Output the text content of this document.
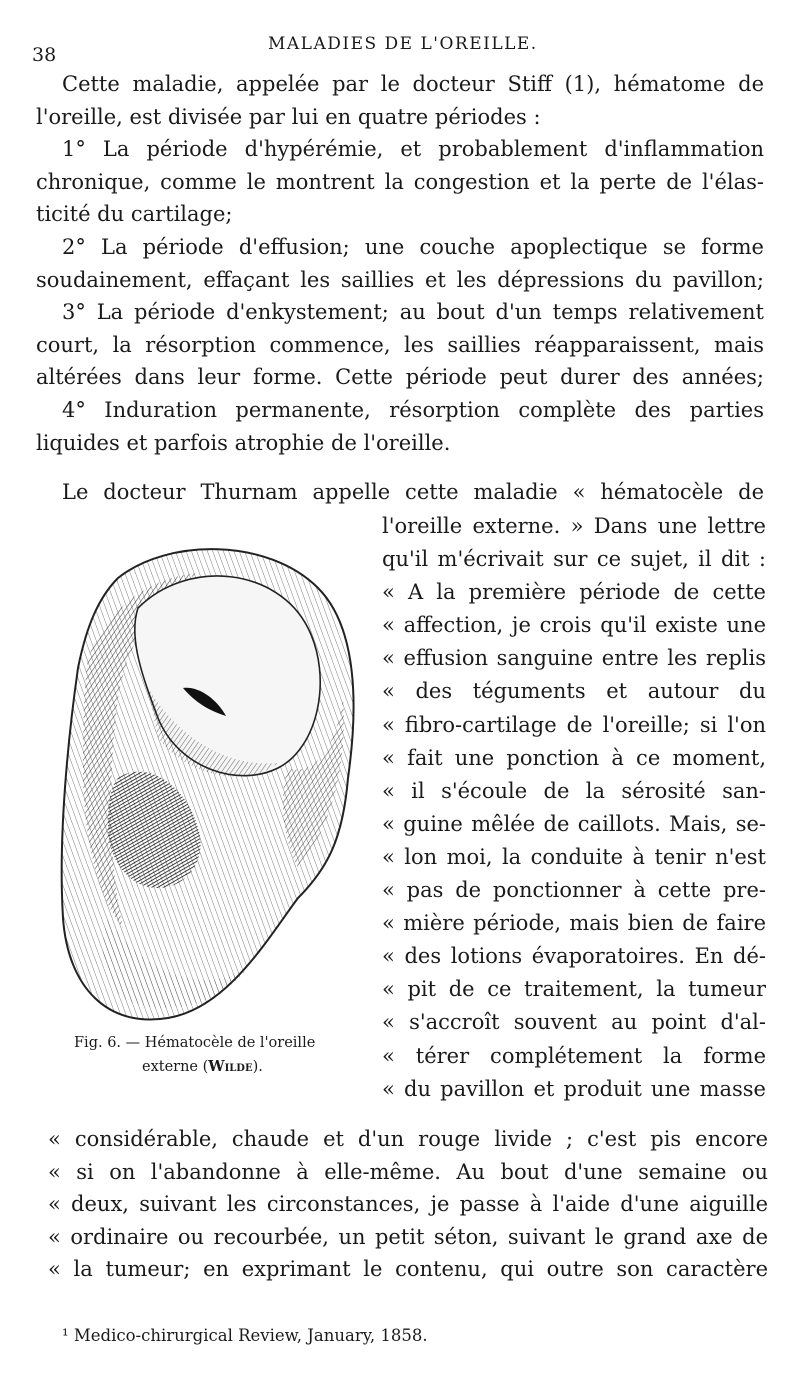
38	MALADIES DE L'OREILLE.
Cette maladie, appelée par le docteur Stiff (1), hématome de
l'oreille, est divisée par lui en quatre périodes :
1° La période d'hypérémie, et probablement d'inflammation
chronique, comme le montrent la congestion et la perte de l'élas-
ticité du cartilage;
2° La période d'effusion; une couche apoplectique se forme
soudainement, effaçant les saillies et les dépressions du pavillon;
3° La période d'enkystement; au bout d'un temps relativement
court, la résorption commence, les saillies réapparaissent, mais
altérées dans leur forme. Cette période peut durer des années;
4° Induration permanente, résorption complète des parties
liquides et parfois atrophie de l'oreille.
Le docteur Thurnam appelle cette maladie « hématocèle de
l'oreille externe. » Dans une lettre
qu'il m'écrivait sur ce sujet, il dit :
« A la première période de cette
« affection, je crois qu'il existe une
« effusion sanguine entre les replis
« des téguments et autour du
« fibro-cartilage de l'oreille; si l'on
« fait une ponction à ce moment,
« il s'écoule de la sérosité san-
« guine mêlée de caillots. Mais, se-
« lon moi, la conduite à tenir n'est
« pas de ponctionner à cette pre-
« mière période, mais bien de faire
« des lotions évaporatoires. En dé-
« pit de ce traitement, la tumeur
« s'accroît souvent au point d'al-
« térer complétement la forme
« du pavillon et produit une masse
Fig. 6. — Hématocèle de l'oreille
externe (Wilde).
« considérable, chaude et d'un rouge livide ; c'est pis encore
« si on l'abandonne à elle-même. Au bout d'une semaine ou
« deux, suivant les circonstances, je passe à l'aide d'une aiguille
« ordinaire ou recourbée, un petit séton, suivant le grand axe de
« la tumeur; en exprimant le contenu, qui outre son caractère
¹ Medico-chirurgical Review, January, 1858.
